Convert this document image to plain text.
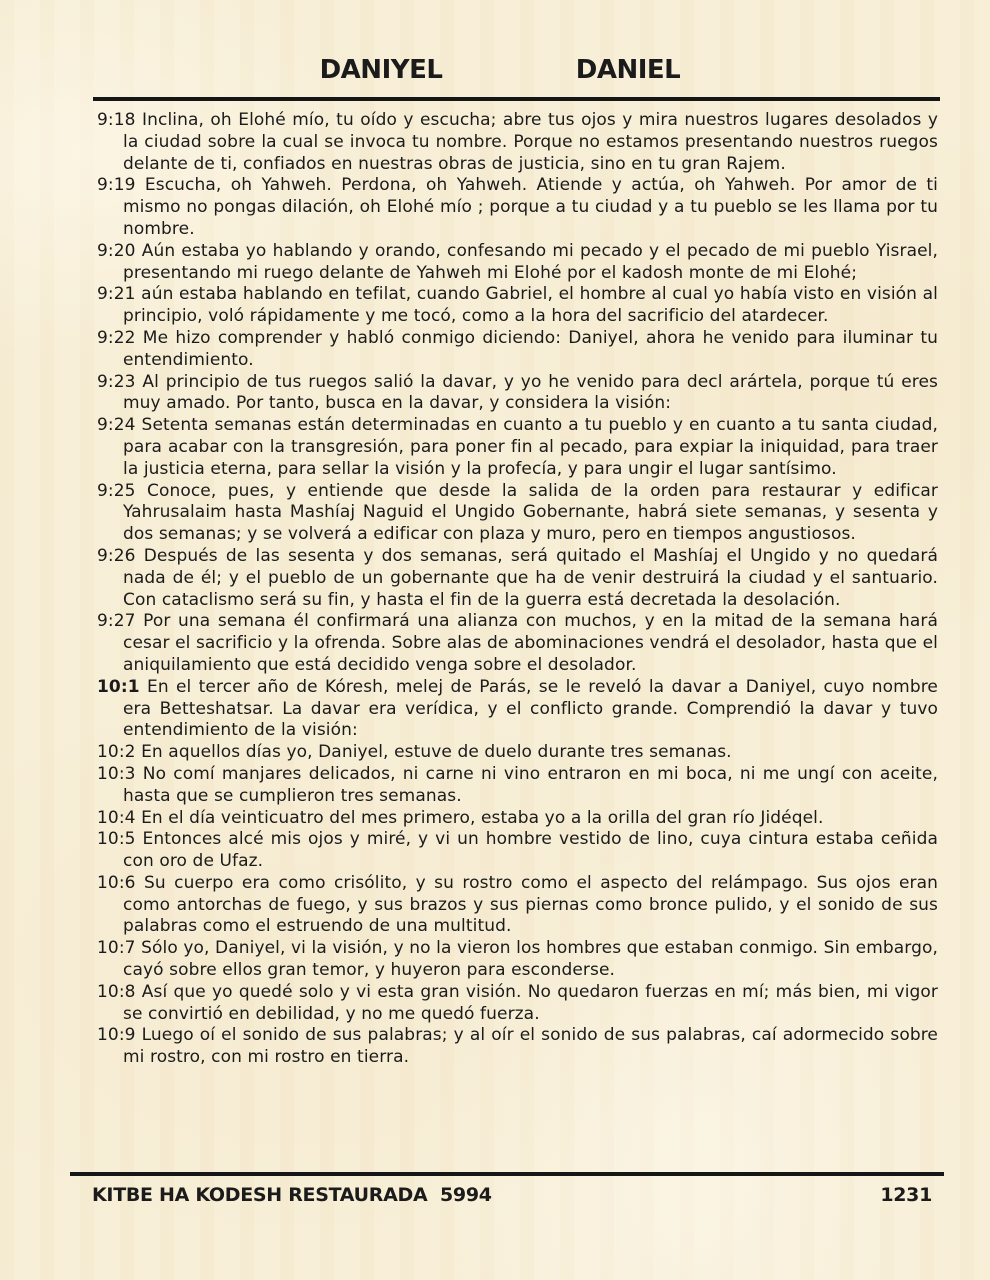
DANIYEL	DANIEL

9:18 Inclina, oh Elohé mío, tu oído y escucha; abre tus ojos y mira nuestros lugares desolados y la ciudad sobre la cual se invoca tu nombre. Porque no estamos presentando nuestros ruegos delante de ti, confiados en nuestras obras de justicia, sino en tu gran Rajem.

9:19 Escucha, oh Yahweh. Perdona, oh Yahweh. Atiende y actúa, oh Yahweh. Por amor de ti mismo no pongas dilación, oh Elohé mío ; porque a tu ciudad y a tu pueblo se les llama por tu nombre.

9:20 Aún estaba yo hablando y orando, confesando mi pecado y el pecado de mi pueblo Yisrael, presentando mi ruego delante de Yahweh mi Elohé por el kadosh monte de mi Elohé;

9:21 aún estaba hablando en tefilat, cuando Gabriel, el hombre al cual yo había visto en visión al principio, voló rápidamente y me tocó, como a la hora del sacrificio del atardecer.

9:22 Me hizo comprender y habló conmigo diciendo: Daniyel, ahora he venido para iluminar tu entendimiento.

9:23 Al principio de tus ruegos salió la davar, y yo he venido para decl arártela, porque tú eres muy amado. Por tanto, busca en la davar, y considera la visión:

9:24 Setenta semanas están determinadas en cuanto a tu pueblo y en cuanto a tu santa ciudad, para acabar con la transgresión, para poner fin al pecado, para expiar la iniquidad, para traer la justicia eterna, para sellar la visión y la profecía, y para ungir el lugar santísimo.

9:25 Conoce, pues, y entiende que desde la salida de la orden para restaurar y edificar Yahrusalaim hasta Mashíaj Naguid el Ungido Gobernante, habrá siete semanas, y sesenta y dos semanas; y se volverá a edificar con plaza y muro, pero en tiempos angustiosos.

9:26 Después de las sesenta y dos semanas, será quitado el Mashíaj el Ungido y no quedará nada de él; y el pueblo de un gobernante que ha de venir destruirá la ciudad y el santuario. Con cataclismo será su fin, y hasta el fin de la guerra está decretada la desolación.

9:27 Por una semana él confirmará una alianza con muchos, y en la mitad de la semana hará cesar el sacrificio y la ofrenda. Sobre alas de abominaciones vendrá el desolador, hasta que el aniquilamiento que está decidido venga sobre el desolador.

10:1 En el tercer año de Kóresh, melej de Parás, se le reveló la davar a Daniyel, cuyo nombre era Betteshatsar. La davar era verídica, y el conflicto grande. Comprendió la davar y tuvo entendimiento de la visión:

10:2 En aquellos días yo, Daniyel, estuve de duelo durante tres semanas.

10:3 No comí manjares delicados, ni carne ni vino entraron en mi boca, ni me ungí con aceite, hasta que se cumplieron tres semanas.

10:4 En el día veinticuatro del mes primero, estaba yo a la orilla del gran río Jidéqel.

10:5 Entonces alcé mis ojos y miré, y vi un hombre vestido de lino, cuya cintura estaba ceñida con oro de Ufaz.

10:6 Su cuerpo era como crisólito, y su rostro como el aspecto del relámpago. Sus ojos eran como antorchas de fuego, y sus brazos y sus piernas como bronce pulido, y el sonido de sus palabras como el estruendo de una multitud.

10:7 Sólo yo, Daniyel, vi la visión, y no la vieron los hombres que estaban conmigo. Sin embargo, cayó sobre ellos gran temor, y huyeron para esconderse.

10:8 Así que yo quedé solo y vi esta gran visión. No quedaron fuerzas en mí; más bien, mi vigor se convirtió en debilidad, y no me quedó fuerza.

10:9 Luego oí el sonido de sus palabras; y al oír el sonido de sus palabras, caí adormecido sobre mi rostro, con mi rostro en tierra.

KITBE HA KODESH RESTAURADA  5994	1231
